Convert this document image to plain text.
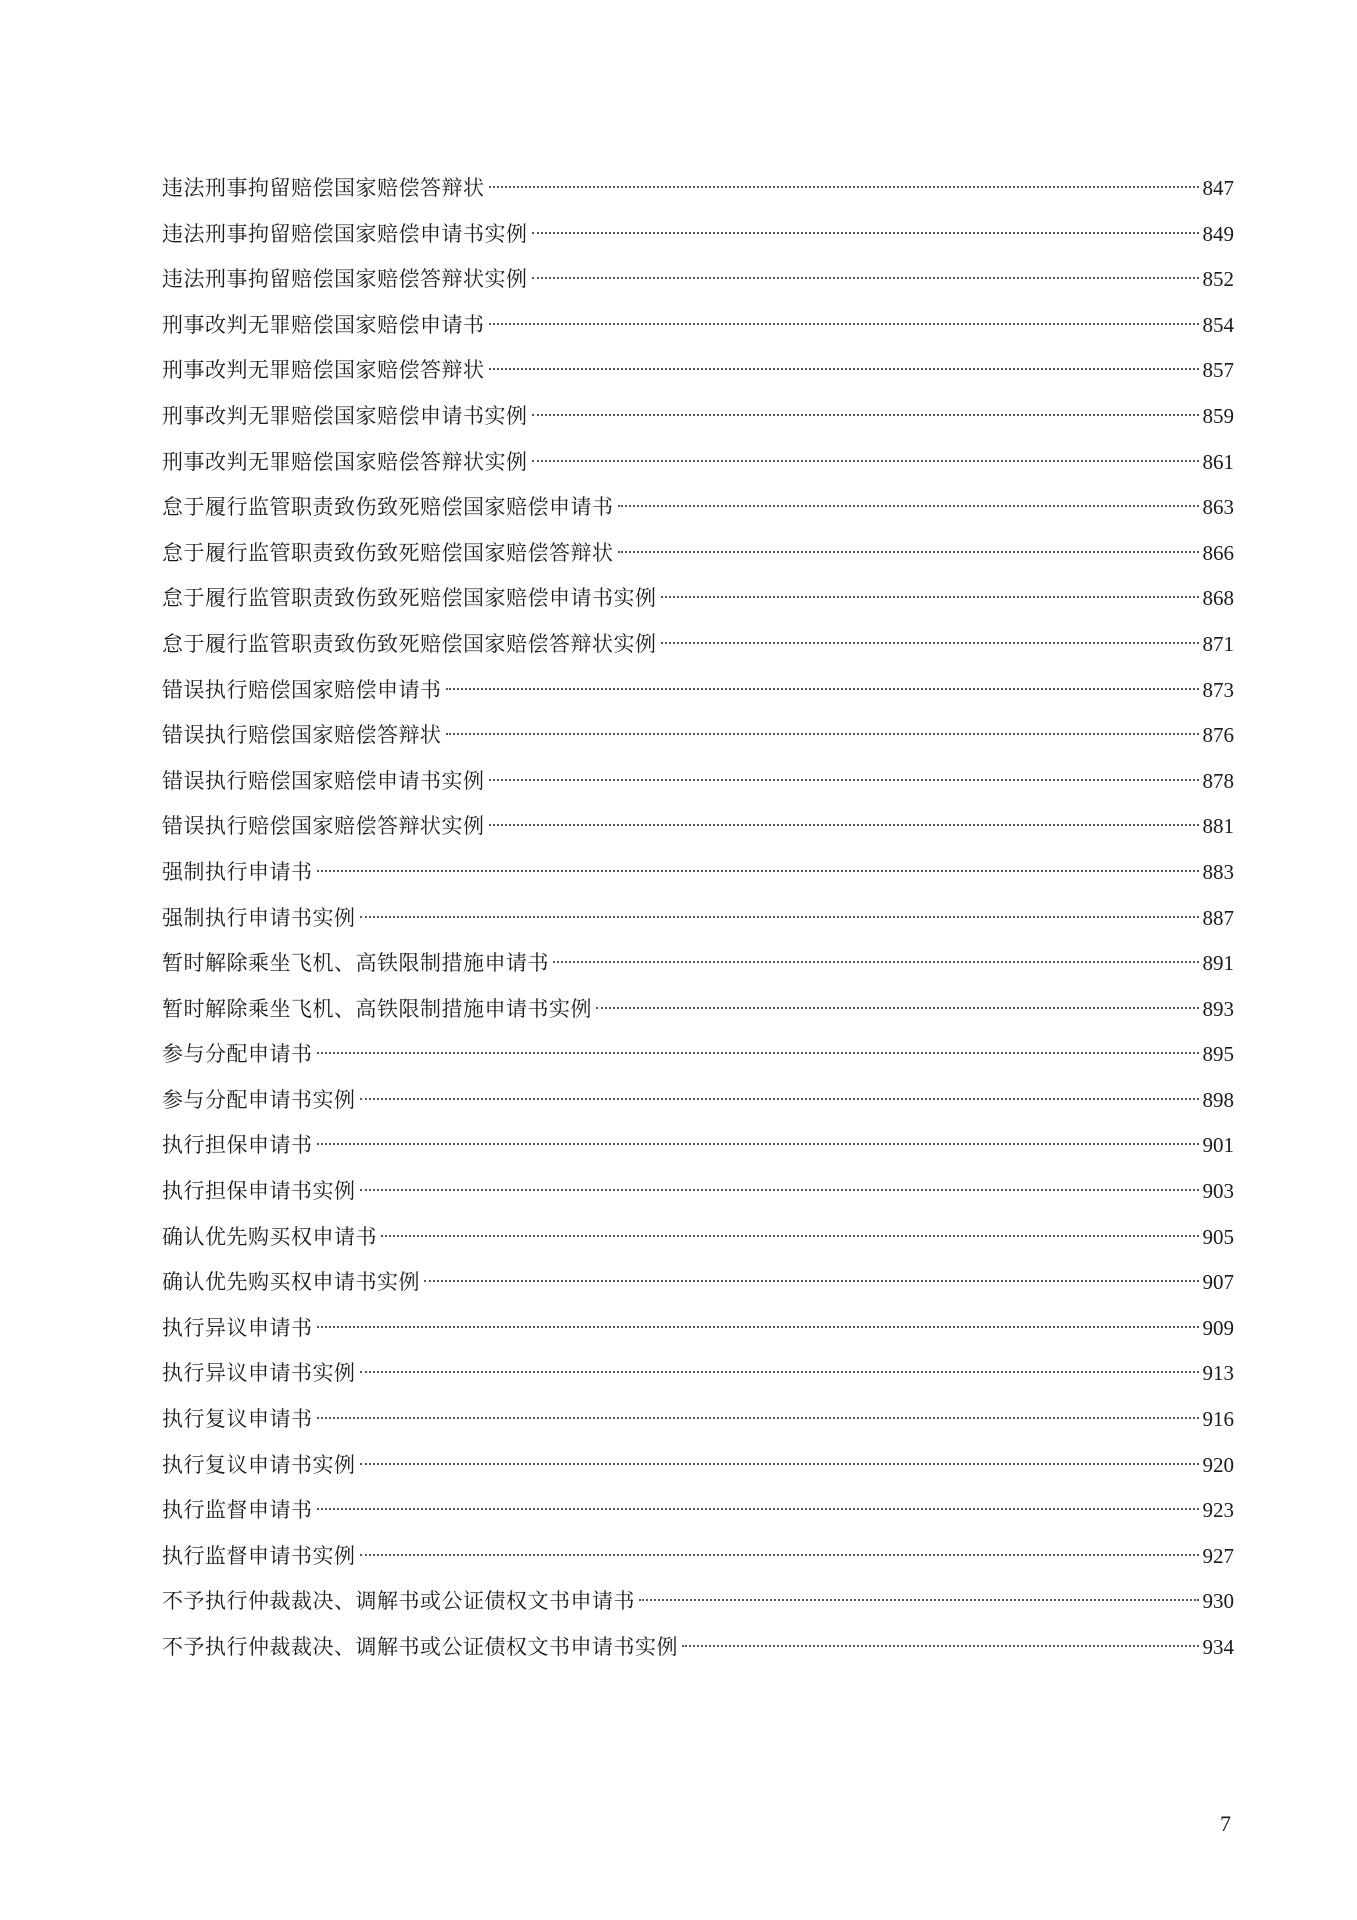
违法刑事拘留赔偿国家赔偿答辩状	847
违法刑事拘留赔偿国家赔偿申请书实例	849
违法刑事拘留赔偿国家赔偿答辩状实例	852
刑事改判无罪赔偿国家赔偿申请书	854
刑事改判无罪赔偿国家赔偿答辩状	857
刑事改判无罪赔偿国家赔偿申请书实例	859
刑事改判无罪赔偿国家赔偿答辩状实例	861
怠于履行监管职责致伤致死赔偿国家赔偿申请书	863
怠于履行监管职责致伤致死赔偿国家赔偿答辩状	866
怠于履行监管职责致伤致死赔偿国家赔偿申请书实例	868
怠于履行监管职责致伤致死赔偿国家赔偿答辩状实例	871
错误执行赔偿国家赔偿申请书	873
错误执行赔偿国家赔偿答辩状	876
错误执行赔偿国家赔偿申请书实例	878
错误执行赔偿国家赔偿答辩状实例	881
强制执行申请书	883
强制执行申请书实例	887
暂时解除乘坐飞机、高铁限制措施申请书	891
暂时解除乘坐飞机、高铁限制措施申请书实例	893
参与分配申请书	895
参与分配申请书实例	898
执行担保申请书	901
执行担保申请书实例	903
确认优先购买权申请书	905
确认优先购买权申请书实例	907
执行异议申请书	909
执行异议申请书实例	913
执行复议申请书	916
执行复议申请书实例	920
执行监督申请书	923
执行监督申请书实例	927
不予执行仲裁裁决、调解书或公证债权文书申请书	930
不予执行仲裁裁决、调解书或公证债权文书申请书实例	934
7
